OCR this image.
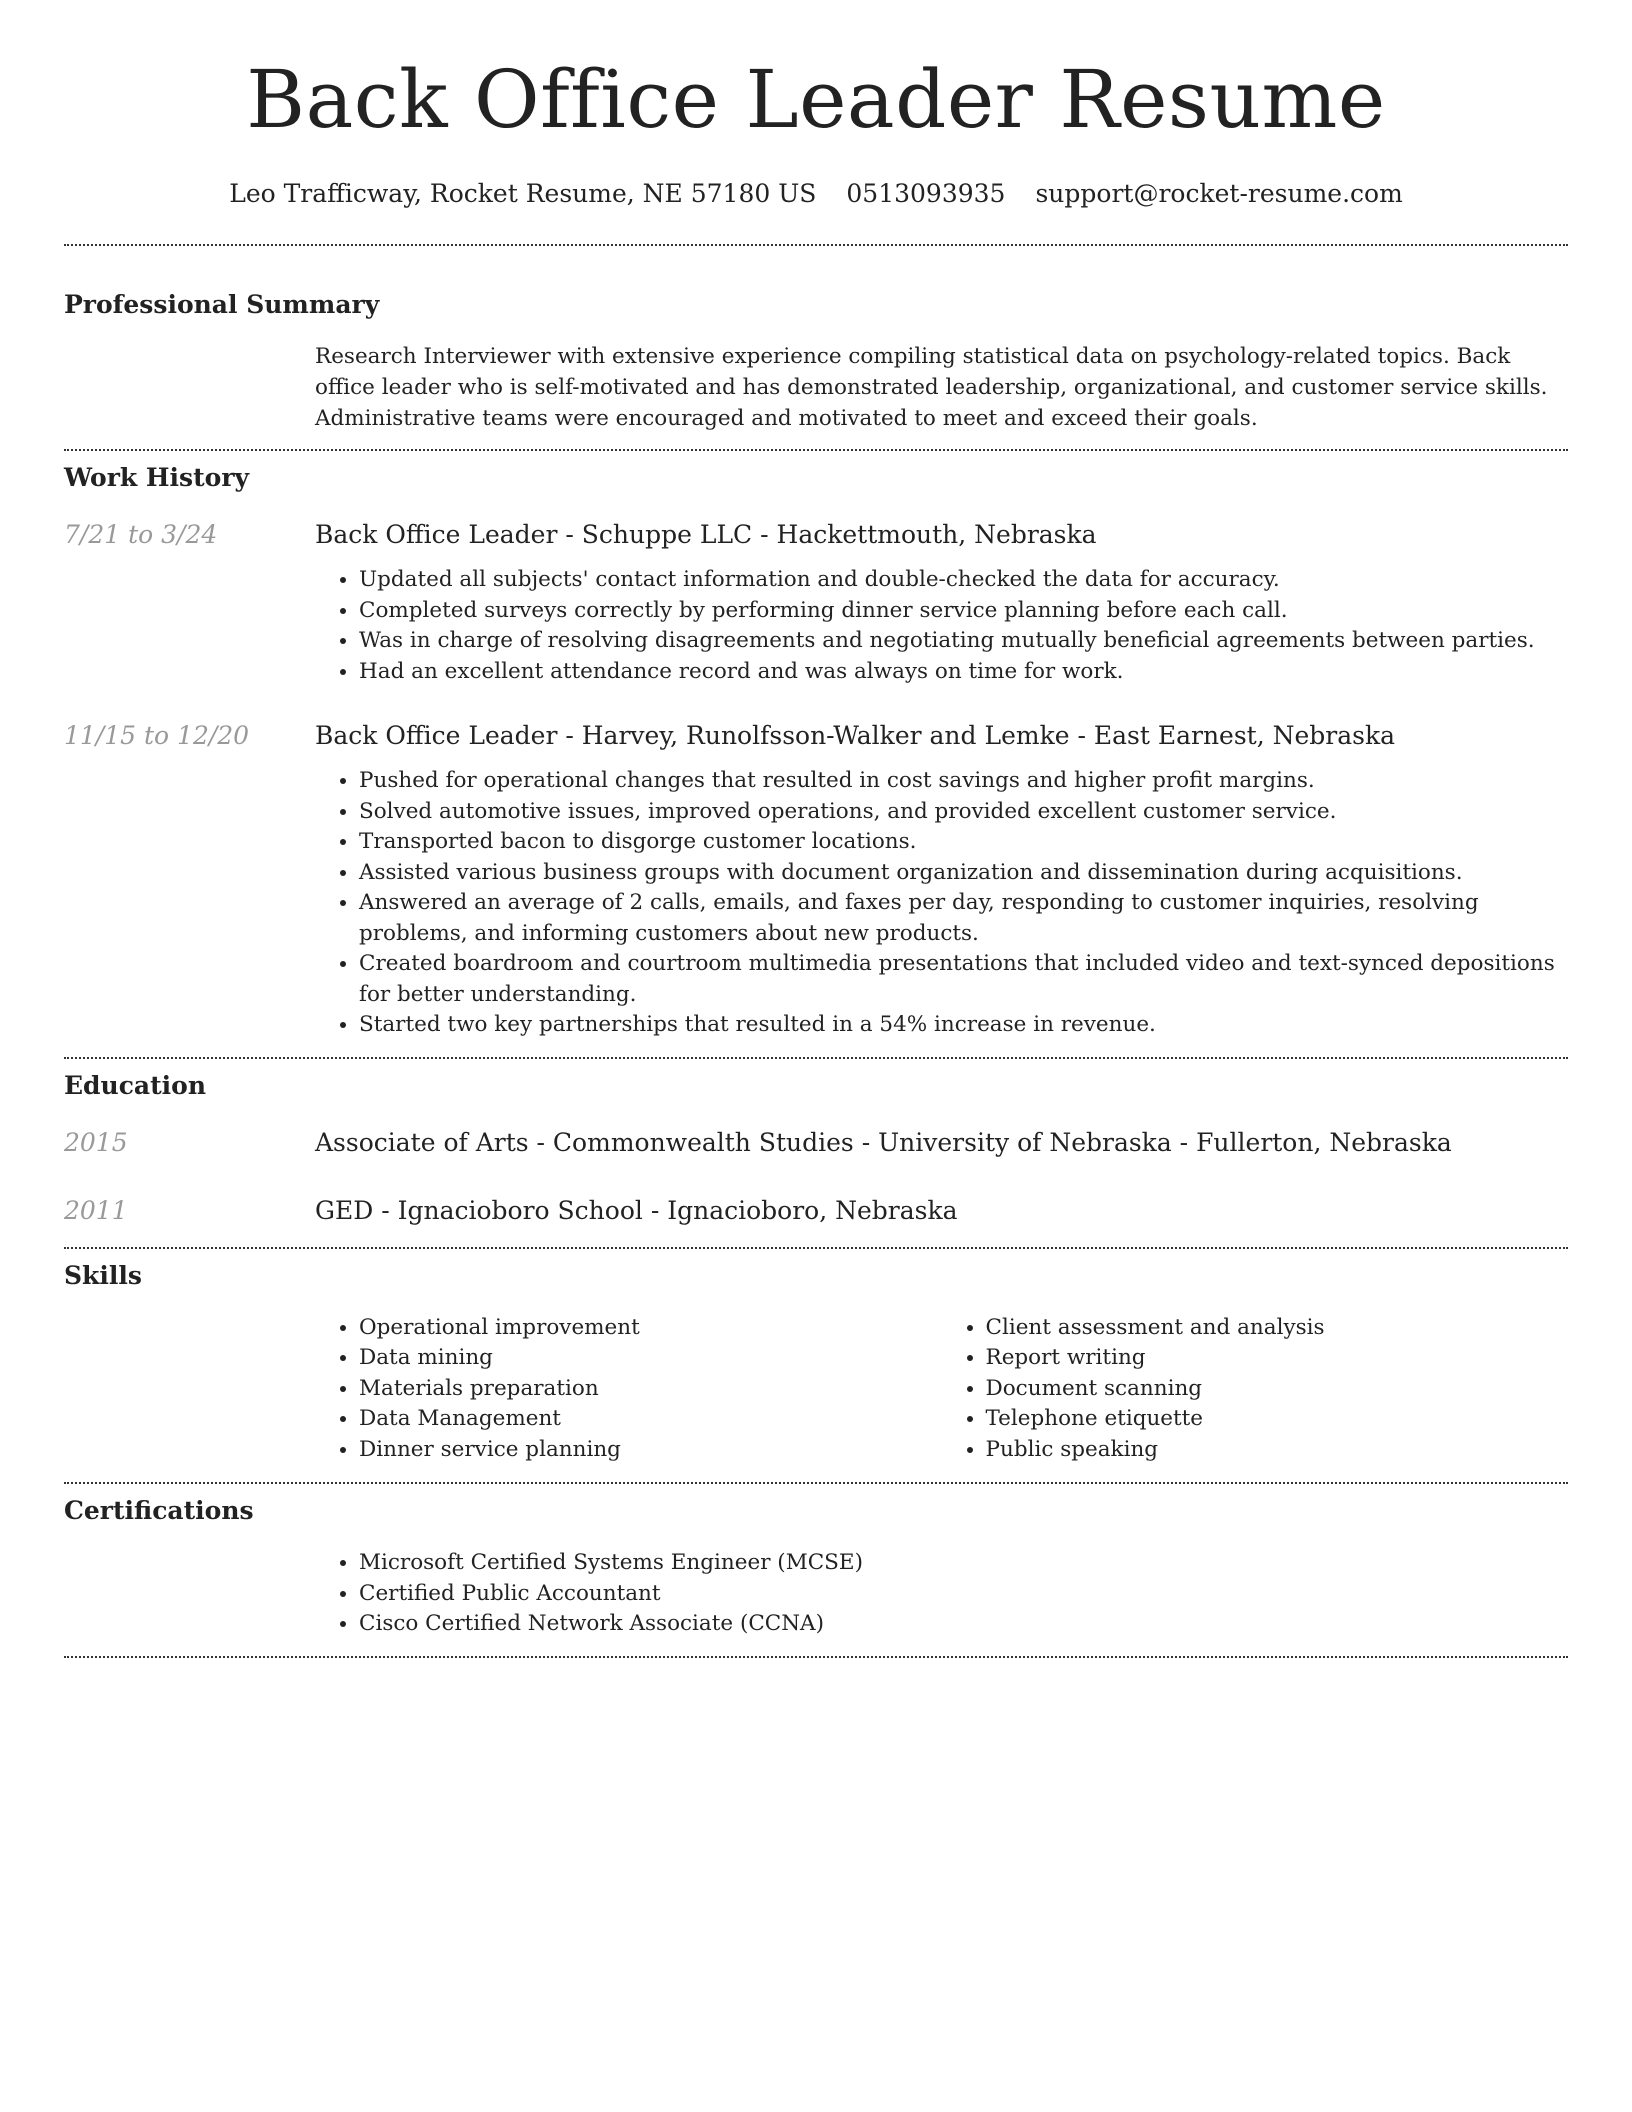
Back Office Leader Resume
Leo Trafficway, Rocket Resume, NE 57180 US 0513093935 support@rocket-resume.com
Professional Summary

Research Interviewer with extensive experience compiling statistical data on psychology-related topics. Back office leader who is self-motivated and has demonstrated leadership, organizational, and customer service skills. Administrative teams were encouraged and motivated to meet and exceed their goals.

Work History
7/21 to 3/24	Back Office Leader - Schuppe LLC - Hackettmouth, Nebraska
• Updated all subjects' contact information and double-checked the data for accuracy.
• Completed surveys correctly by performing dinner service planning before each call.
• Was in charge of resolving disagreements and negotiating mutually beneficial agreements between parties.
• Had an excellent attendance record and was always on time for work.
11/15 to 12/20	Back Office Leader - Harvey, Runolfsson-Walker and Lemke - East Earnest, Nebraska
• Pushed for operational changes that resulted in cost savings and higher profit margins.
• Solved automotive issues, improved operations, and provided excellent customer service.
• Transported bacon to disgorge customer locations.
• Assisted various business groups with document organization and dissemination during acquisitions.
• Answered an average of 2 calls, emails, and faxes per day, responding to customer inquiries, resolving problems, and informing customers about new products.
• Created boardroom and courtroom multimedia presentations that included video and text-synced depositions for better understanding.
• Started two key partnerships that resulted in a 54% increase in revenue.
Education
2015	Associate of Arts - Commonwealth Studies - University of Nebraska - Fullerton, Nebraska
2011	GED - Ignacioboro School - Ignacioboro, Nebraska
Skills
• Operational improvement
• Data mining
• Materials preparation
• Data Management
• Dinner service planning
• Client assessment and analysis
• Report writing
• Document scanning
• Telephone etiquette
• Public speaking
Certifications
• Microsoft Certified Systems Engineer (MCSE)
• Certified Public Accountant
• Cisco Certified Network Associate (CCNA)
